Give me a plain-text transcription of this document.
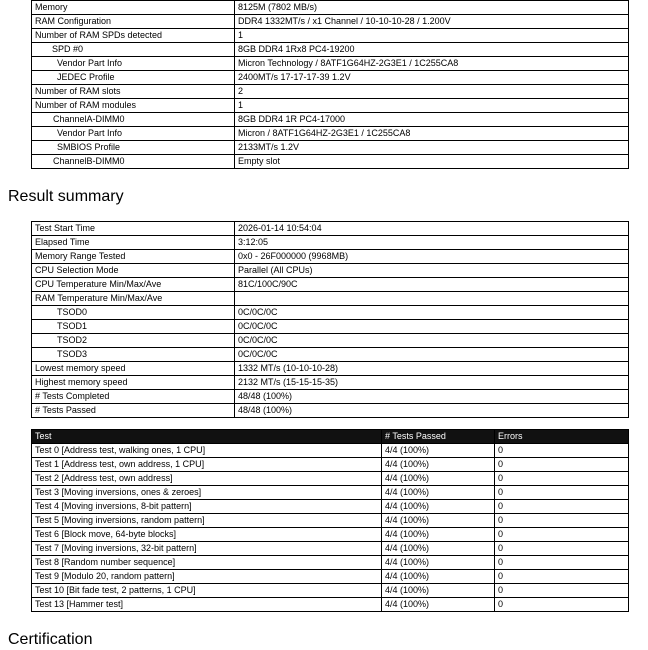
Memory	8125M (7802 MB/s)
RAM Configuration	DDR4 1332MT/s / x1 Channel / 10-10-10-28 / 1.200V
Number of RAM SPDs detected	1
SPD #0	8GB DDR4 1Rx8 PC4-19200
Vendor Part Info	Micron Technology / 8ATF1G64HZ-2G3E1 / 1C255CA8
JEDEC Profile	2400MT/s 17-17-17-39 1.2V
Number of RAM slots	2
Number of RAM modules	1
ChannelA-DIMM0	8GB DDR4 1R PC4-17000
Vendor Part Info	Micron / 8ATF1G64HZ-2G3E1 / 1C255CA8
SMBIOS Profile	2133MT/s 1.2V
ChannelB-DIMM0	Empty slot
Result summary
Test Start Time	2026-01-14 10:54:04
Elapsed Time	3:12:05
Memory Range Tested	0x0 - 26F000000 (9968MB)
CPU Selection Mode	Parallel (All CPUs)
CPU Temperature Min/Max/Ave	81C/100C/90C
RAM Temperature Min/Max/Ave	
TSOD0	0C/0C/0C
TSOD1	0C/0C/0C
TSOD2	0C/0C/0C
TSOD3	0C/0C/0C
Lowest memory speed	1332 MT/s (10-10-10-28)
Highest memory speed	2132 MT/s (15-15-15-35)
# Tests Completed	48/48 (100%)
# Tests Passed	48/48 (100%)
Test	# Tests Passed	Errors
Test 0 [Address test, walking ones, 1 CPU]	4/4 (100%)	0
Test 1 [Address test, own address, 1 CPU]	4/4 (100%)	0
Test 2 [Address test, own address]	4/4 (100%)	0
Test 3 [Moving inversions, ones & zeroes]	4/4 (100%)	0
Test 4 [Moving inversions, 8-bit pattern]	4/4 (100%)	0
Test 5 [Moving inversions, random pattern]	4/4 (100%)	0
Test 6 [Block move, 64-byte blocks]	4/4 (100%)	0
Test 7 [Moving inversions, 32-bit pattern]	4/4 (100%)	0
Test 8 [Random number sequence]	4/4 (100%)	0
Test 9 [Modulo 20, random pattern]	4/4 (100%)	0
Test 10 [Bit fade test, 2 patterns, 1 CPU]	4/4 (100%)	0
Test 13 [Hammer test]	4/4 (100%)	0
Certification
